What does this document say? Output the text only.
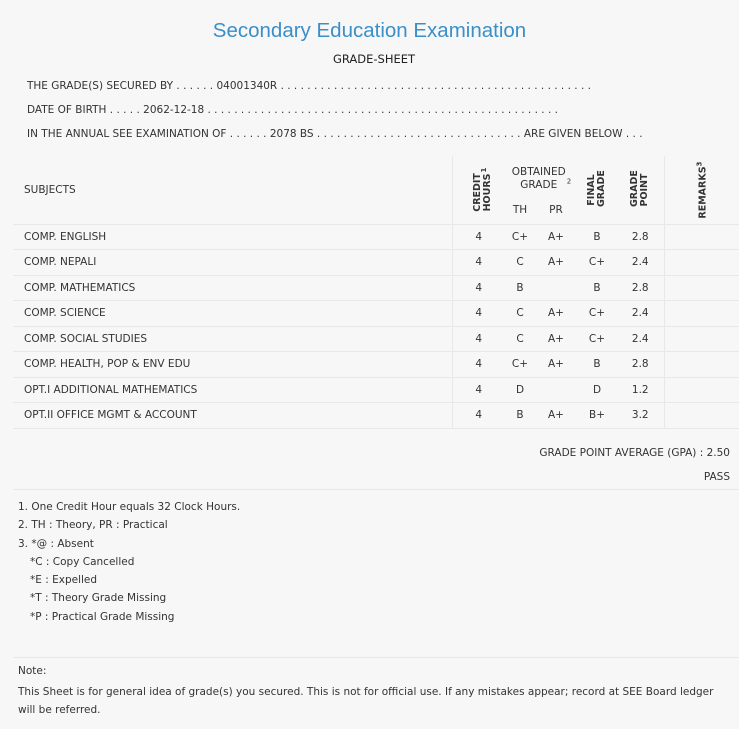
Secondary Education Examination
GRADE-SHEET
THE GRADE(S) SECURED BY . . . . . . 04001340R . . . . . . . . . . . . . . . . . . . . . . . . . . . . . . . . . . . . . . . . . . . . . . .
DATE OF BIRTH . . . . . 2062-12-18 . . . . . . . . . . . . . . . . . . . . . . . . . . . . . . . . . . . . . . . . . . . . . . . . . . . . .
IN THE ANNUAL SEE EXAMINATION OF . . . . . . 2078 BS . . . . . . . . . . . . . . . . . . . . . . . . . . . . . . . ARE GIVEN BELOW . . .
SUBJECTS	CREDIT HOURS$^1$	OBTAINED GRADE $^2$		FINAL GRADE	GRADE POINT	REMARKS$^3$
		TH	PR			
COMP. ENGLISH	4	C+	A+	B	2.8	
COMP. NEPALI	4	C	A+	C+	2.4	
COMP. MATHEMATICS	4	B		B	2.8	
COMP. SCIENCE	4	C	A+	C+	2.4	
COMP. SOCIAL STUDIES	4	C	A+	C+	2.4	
COMP. HEALTH, POP & ENV EDU	4	C+	A+	B	2.8	
OPT.I ADDITIONAL MATHEMATICS	4	D		D	1.2	
OPT.II OFFICE MGMT & ACCOUNT	4	B	A+	B+	3.2	
GRADE POINT AVERAGE (GPA) : 2.50
PASS
1. One Credit Hour equals 32 Clock Hours.
2. TH : Theory, PR : Practical
3. *@ : Absent
*C : Copy Cancelled
*E : Expelled
*T : Theory Grade Missing
*P : Practical Grade Missing
Note:
This Sheet is for general idea of grade(s) you secured. This is not for official use. If any mistakes appear; record at SEE Board ledger will be referred.
